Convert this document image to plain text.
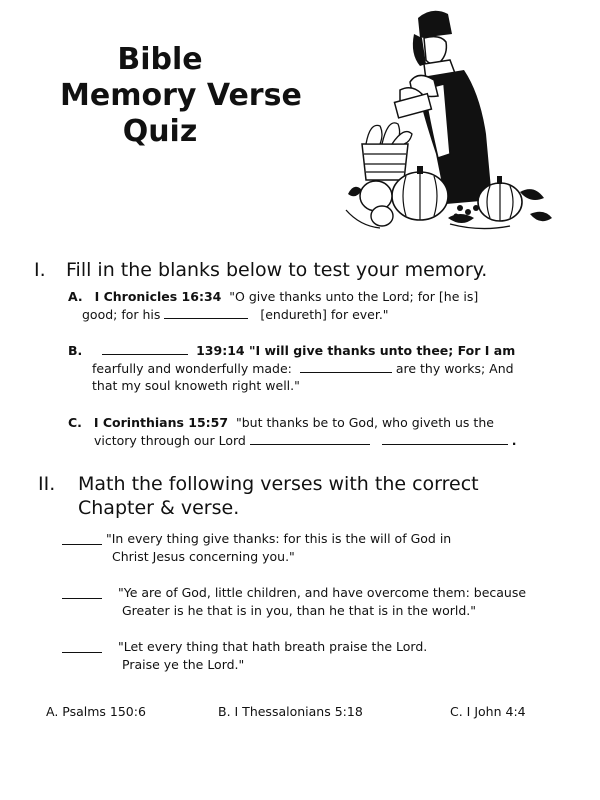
Bible
Memory Verse
Quiz
I. Fill in the blanks below to test your memory.
A. I Chronicles 16:34 "O give thanks unto the Lord; for [he is]
good; for his	[endureth] for ever."
B.	139:14 "I will give thanks unto thee; For I am
fearfully and wonderfully made:	are thy works; And
that my soul knoweth right well."
C. I Corinthians 15:57 "but thanks be to God, who giveth us the
victory through our Lord	.
II. Math the following verses with the correct
Chapter & verse.
"In every thing give thanks: for this is the will of God in
Christ Jesus concerning you."
"Ye are of God, little children, and have overcome them: because
Greater is he that is in you, than he that is in the world."
"Let every thing that hath breath praise the Lord.
Praise ye the Lord."
A. Psalms 150:6	B. I Thessalonians 5:18	C. I John 4:4
